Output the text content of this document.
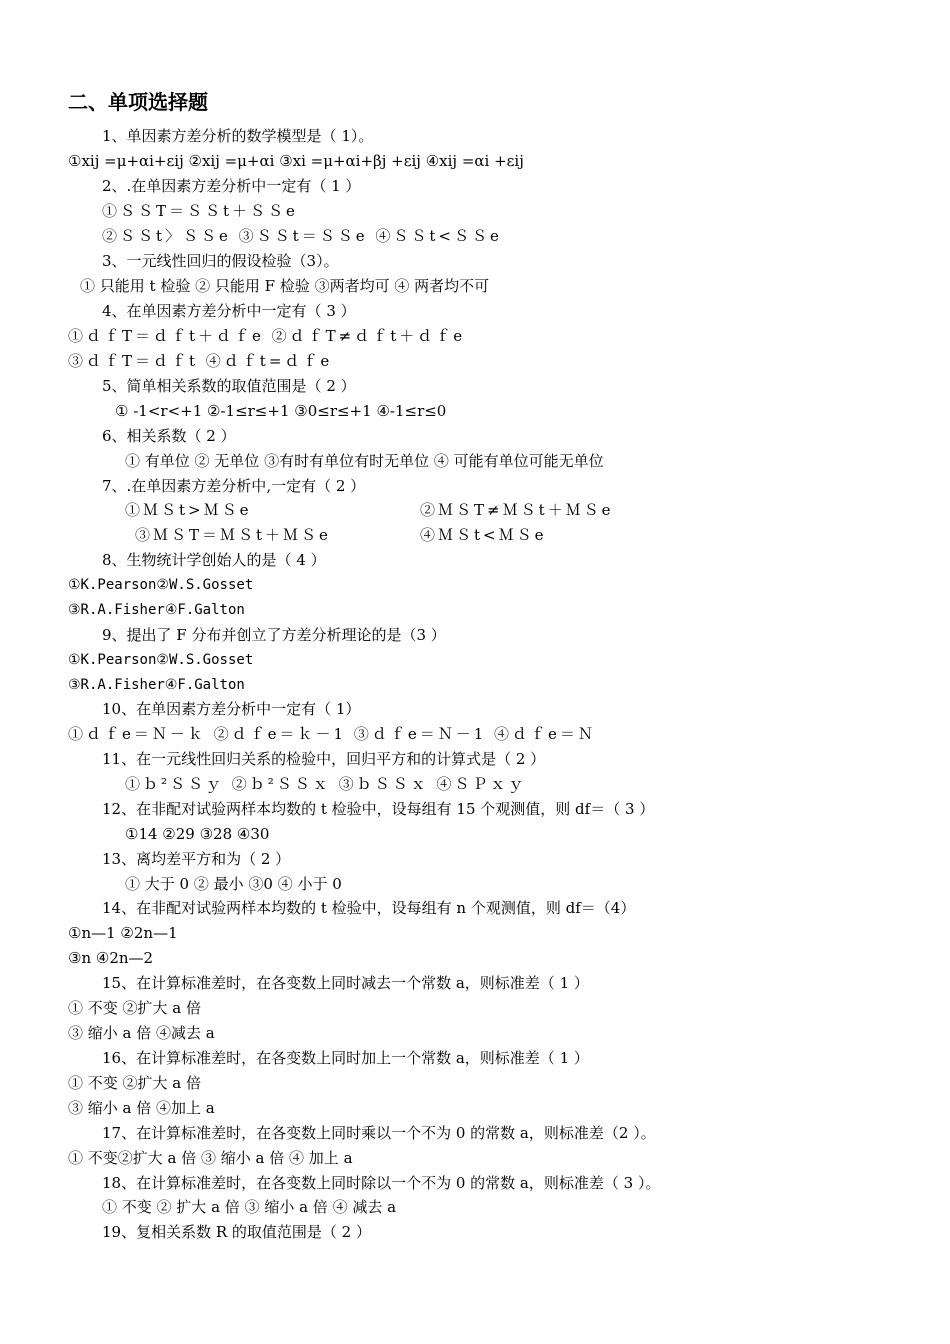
二、单项选择题
1、单因素方差分析的数学模型是（ 1）。
①xij =μ+αi+εij ②xij =μ+αi ③xi =μ+αi+βj +εij ④xij =αi +εij
2、.在单因素方差分析中一定有（ 1 ）
①ＳＳT＝ＳＳt＋ＳＳe
②ＳＳt〉ＳＳe ③ＳＳt＝ＳＳe ④ＳＳt<ＳＳe
3、一元线性回归的假设检验（3）。
① 只能用 t 检验 ② 只能用 F 检验 ③两者均可 ④ 两者均不可
4、在单因素方差分析中一定有（ 3 ）
①ｄｆT＝ｄｆt＋ｄｆe ②ｄｆT≠ｄｆt＋ｄｆe
③ｄｆT＝ｄｆt ④ｄｆt=ｄｆe
5、简单相关系数的取值范围是（ 2 ）
① -1<r<+1 ②-1≤r≤+1 ③0≤r≤+1 ④-1≤r≤0
6、相关系数（ 2 ）
① 有单位 ② 无单位 ③有时有单位有时无单位 ④ 可能有单位可能无单位
7、.在单因素方差分析中,一定有（ 2 ）
①ＭＳt>ＭＳe	②ＭＳT≠ＭＳt＋ＭＳe
③ＭＳT＝ＭＳt＋ＭＳe	④ＭＳt<ＭＳe
8、生物统计学创始人的是（ 4 ）
①K.Pearson②W.S.Gosset
③R.A.Fisher④F.Galton
9、提出了 F 分布并创立了方差分析理论的是（3 ）
①K.Pearson②W.S.Gosset
③R.A.Fisher④F.Galton
10、在单因素方差分析中一定有（ 1）
①ｄｆe＝Ｎ－ｋ ②ｄｆe＝ｋ－1 ③ｄｆe＝Ｎ－1 ④ｄｆe＝Ｎ
11、在一元线性回归关系的检验中，回归平方和的计算式是（ 2 ）
①ｂ²ＳＳｙ ②ｂ²ＳＳｘ ③ｂＳＳｘ ④ＳＰｘｙ
12、在非配对试验两样本均数的 t 检验中，设每组有 15 个观测值，则 df＝（ 3 ）
①14 ②29 ③28 ④30
13、离均差平方和为（ 2 ）
① 大于 0 ② 最小 ③0 ④ 小于 0
14、在非配对试验两样本均数的 t 检验中，设每组有 n 个观测值，则 df＝（4）
①n—1 ②2n—1
③n ④2n—2
15、在计算标准差时，在各变数上同时减去一个常数 a，则标准差（ 1 ）
① 不变 ②扩大 a 倍
③ 缩小 a 倍 ④减去 a
16、在计算标准差时，在各变数上同时加上一个常数 a，则标准差（ 1 ）
① 不变 ②扩大 a 倍
③ 缩小 a 倍 ④加上 a
17、在计算标准差时，在各变数上同时乘以一个不为 0 的常数 a，则标准差（2 ）。
① 不变②扩大 a 倍 ③ 缩小 a 倍 ④ 加上 a
18、在计算标准差时，在各变数上同时除以一个不为 0 的常数 a，则标准差（ 3 ）。
① 不变 ② 扩大 a 倍 ③ 缩小 a 倍 ④ 减去 a
19、复相关系数 R 的取值范围是（ 2 ）
